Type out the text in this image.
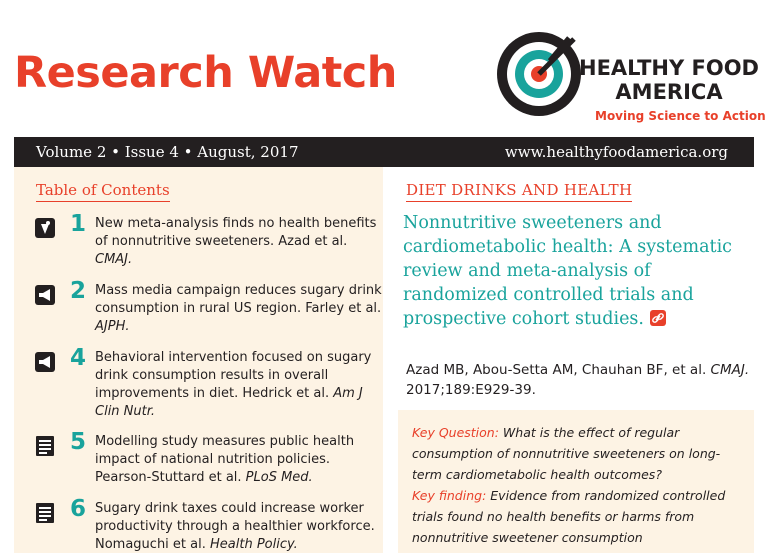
Research Watch	HEALTHY FOOD
AMERICA
Moving Science to Action
Volume 2 • Issue 4 • August, 2017	www.healthyfoodamerica.org
Table of Contents
1 New meta-analysis finds no health benefits of nonnutritive sweeteners. Azad et al. CMAJ.
2 Mass media campaign reduces sugary drink consumption in rural US region. Farley et al. AJPH.
4 Behavioral intervention focused on sugary drink consumption results in overall improvements in diet. Hedrick et al. Am J Clin Nutr.
5 Modelling study measures public health impact of national nutrition policies. Pearson-Stuttard et al. PLoS Med.
6 Sugary drink taxes could increase worker productivity through a healthier workforce. Nomaguchi et al. Health Policy.
DIET DRINKS AND HEALTH
Nonnutritive sweeteners and cardiometabolic health: A systematic review and meta-analysis of randomized controlled trials and prospective cohort studies.
Azad MB, Abou-Setta AM, Chauhan BF, et al. CMAJ. 2017;189:E929-39.
Key Question: What is the effect of regular consumption of nonnutritive sweeteners on long-term cardiometabolic health outcomes?
Key finding: Evidence from randomized controlled trials found no health benefits or harms from nonnutritive sweetener consumption
